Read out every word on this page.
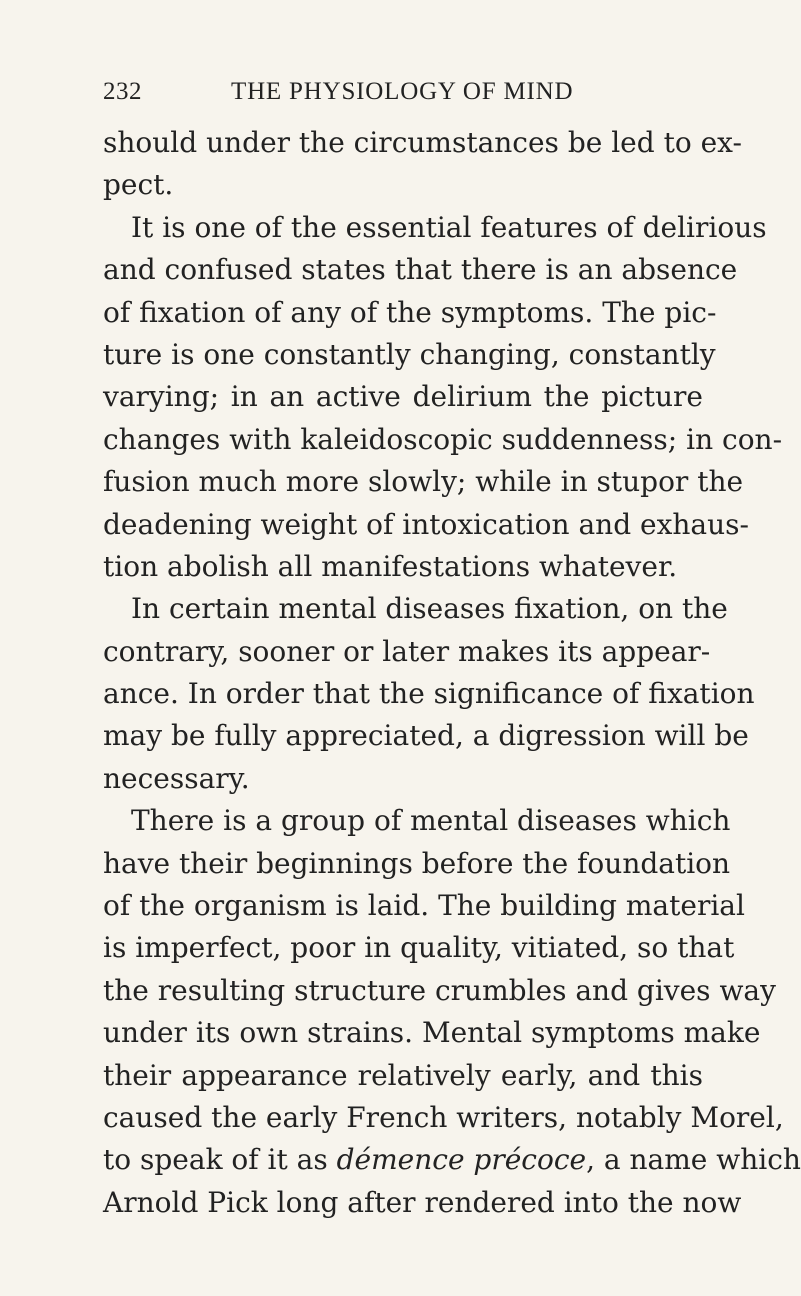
232	THE PHYSIOLOGY OF MIND
should under the circumstances be led to ex-
pect.
It is one of the essential features of delirious
and confused states that there is an absence
of fixation of any of the symptoms. The pic-
ture is one constantly changing, constantly
varying; in an active delirium the picture
changes with kaleidoscopic suddenness; in con-
fusion much more slowly; while in stupor the
deadening weight of intoxication and exhaus-
tion abolish all manifestations whatever.
In certain mental diseases fixation, on the
contrary, sooner or later makes its appear-
ance. In order that the significance of fixation
may be fully appreciated, a digression will be
necessary.
There is a group of mental diseases which
have their beginnings before the foundation
of the organism is laid. The building material
is imperfect, poor in quality, vitiated, so that
the resulting structure crumbles and gives way
under its own strains. Mental symptoms make
their appearance relatively early, and this
caused the early French writers, notably Morel,
to speak of it as démence précoce, a name which
Arnold Pick long after rendered into the now
